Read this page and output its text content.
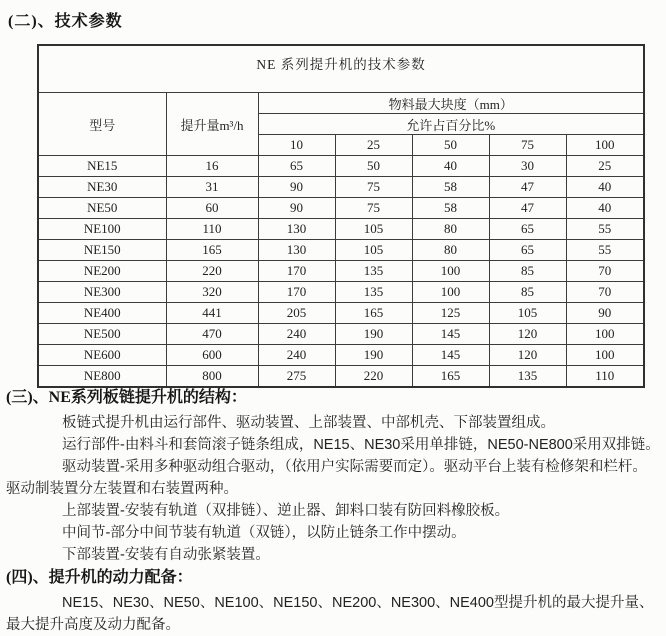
(二)、技术参数
NE 系列提升机的技术参数						
型号	提升量m³/h	物料最大块度（mm）				
		允许占百分比%				
		10	25	50	75	100
NE15	16	65	50	40	30	25
NE30	31	90	75	58	47	40
NE50	60	90	75	58	47	40
NE100	110	130	105	80	65	55
NE150	165	130	105	80	65	55
NE200	220	170	135	100	85	70
NE300	320	170	135	100	85	70
NE400	441	205	165	125	105	90
NE500	470	240	190	145	120	100
NE600	600	240	190	145	120	100
NE800	800	275	220	165	135	110
(三)、NE系列板链提升机的结构：

板链式提升机由运行部件、驱动装置、上部装置、中部机壳、下部装置组成。

运行部件-由料斗和套筒滚子链条组成，NE15、NE30采用单排链，NE50-NE800采用双排链。

驱动装置-采用多种驱动组合驱动，（依用户实际需要而定）。驱动平台上装有检修架和栏杆。驱动制装置分左装置和右装置两种。

上部装置-安装有轨道（双排链）、逆止器、卸料口装有防回料橡胶板。

中间节-部分中间节装有轨道（双链），以防止链条工作中摆动。

下部装置-安装有自动张紧装置。

(四)、提升机的动力配备：

NE15、NE30、NE50、NE100、NE150、NE200、NE300、NE400型提升机的最大提升量、最大提升高度及动力配备。
